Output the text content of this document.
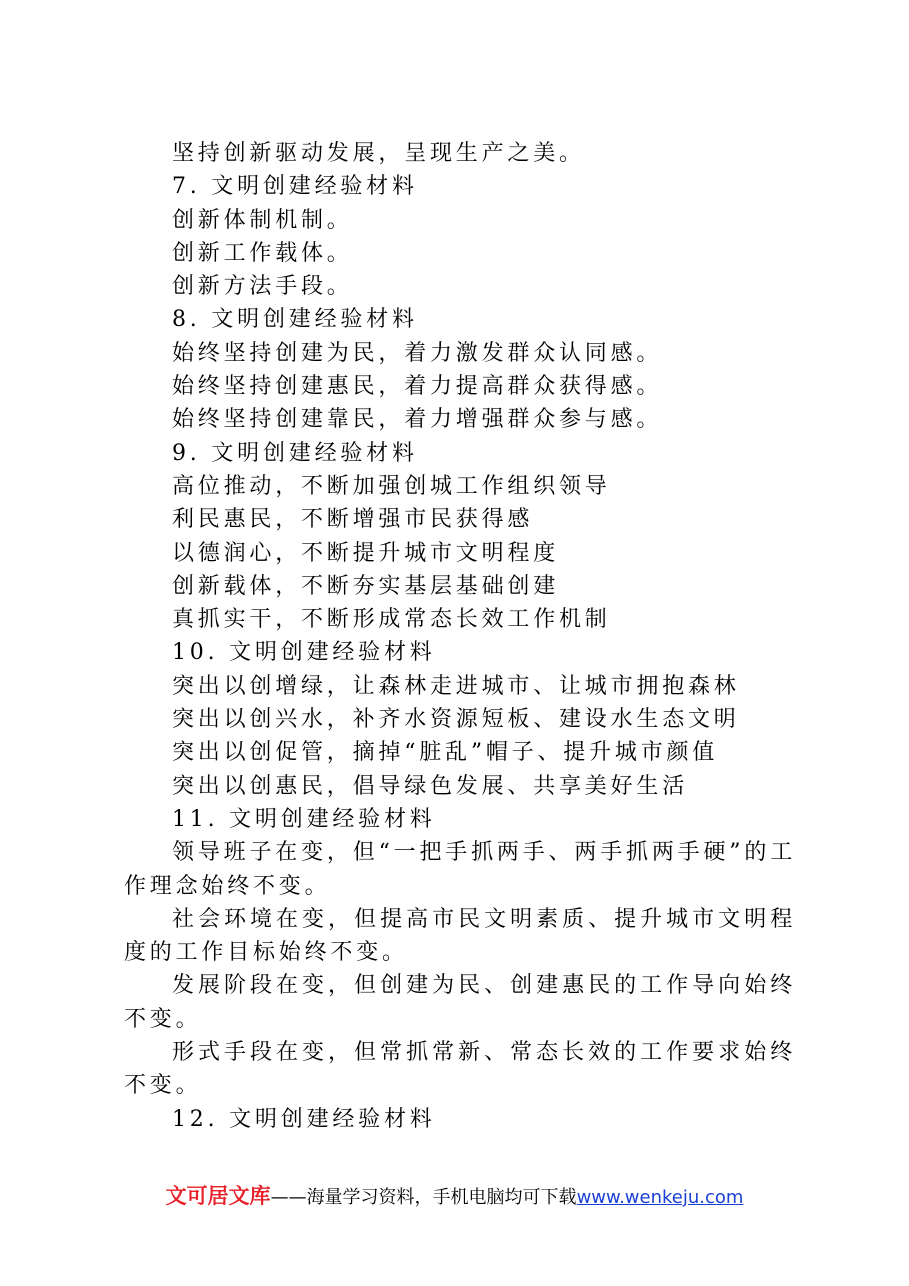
坚持创新驱动发展，呈现生产之美。
7. 文明创建经验材料
创新体制机制。
创新工作载体。
创新方法手段。
8. 文明创建经验材料
始终坚持创建为民，着力激发群众认同感。
始终坚持创建惠民，着力提高群众获得感。
始终坚持创建靠民，着力增强群众参与感。
9. 文明创建经验材料
高位推动，不断加强创城工作组织领导
利民惠民，不断增强市民获得感
以德润心，不断提升城市文明程度
创新载体，不断夯实基层基础创建
真抓实干，不断形成常态长效工作机制
10. 文明创建经验材料
突出以创增绿，让森林走进城市、让城市拥抱森林
突出以创兴水，补齐水资源短板、建设水生态文明
突出以创促管，摘掉“脏乱”帽子、提升城市颜值
突出以创惠民，倡导绿色发展、共享美好生活
11. 文明创建经验材料
领导班子在变，但“一把手抓两手、两手抓两手硬”的工作理念始终不变。
社会环境在变，但提高市民文明素质、提升城市文明程度的工作目标始终不变。
发展阶段在变，但创建为民、创建惠民的工作导向始终不变。
形式手段在变，但常抓常新、常态长效的工作要求始终不变。
12. 文明创建经验材料
文可居文库——海量学习资料，手机电脑均可下载www.wenkeju.com
